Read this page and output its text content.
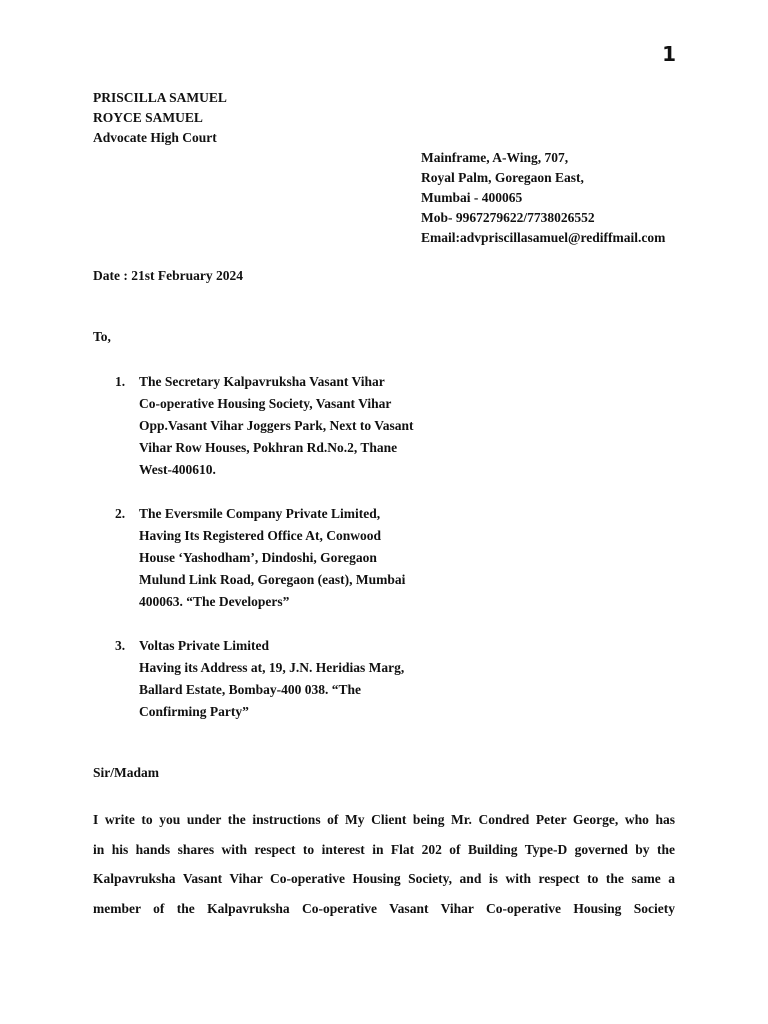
1
PRISCILLA SAMUEL
ROYCE SAMUEL
Advocate High Court
Mainframe, A-Wing, 707,
Royal Palm, Goregaon East,
Mumbai - 400065
Mob- 9967279622/7738026552
Email:advpriscillasamuel@rediffmail.com
Date : 21st February 2024
To,
1. The Secretary Kalpavruksha Vasant Vihar
Co-operative Housing Society, Vasant Vihar
Opp.Vasant Vihar Joggers Park, Next to Vasant
Vihar Row Houses, Pokhran Rd.No.2, Thane
West-400610.
2. The Eversmile Company Private Limited,
Having Its Registered Office At, Conwood
House ‘Yashodham’, Dindoshi, Goregaon
Mulund Link Road, Goregaon (east), Mumbai
400063. “The Developers”
3. Voltas Private Limited
Having its Address at, 19, J.N. Heridias Marg,
Ballard Estate, Bombay-400 038. “The
Confirming Party”
Sir/Madam
I write to you under the instructions of My Client being Mr. Condred Peter George, who has
in his hands shares with respect to interest in Flat 202 of Building Type-D governed by the
Kalpavruksha Vasant Vihar Co-operative Housing Society, and is with respect to the same a
member of the Kalpavruksha Co-operative Vasant Vihar Co-operative Housing Society
